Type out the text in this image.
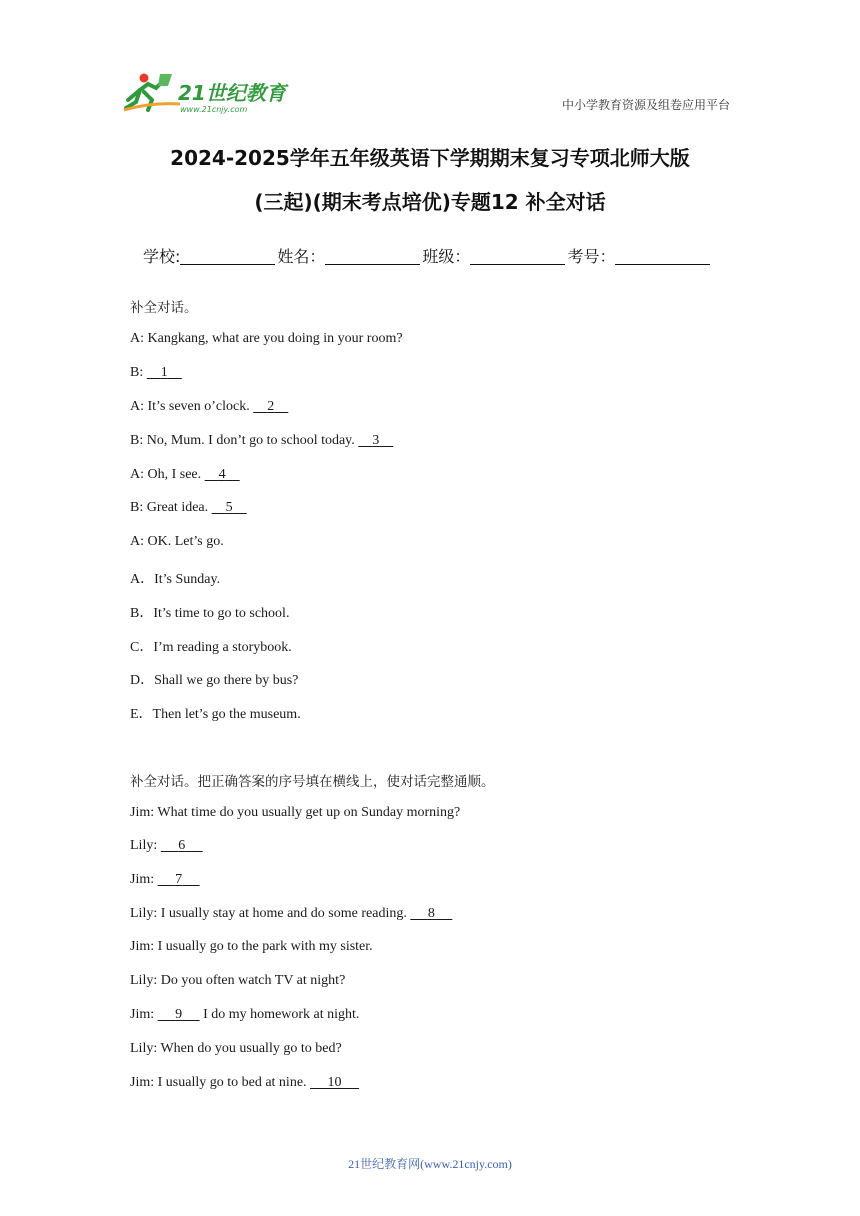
21世纪教育
www.21cnjy.com	中小学教育资源及组卷应用平台
2024-2025学年五年级英语下学期期末复习专项北师大版
(三起)(期末考点培优)专题12 补全对话
学校:	姓名：	班级：	考号：
补全对话。
A: Kangkang, what are you doing in your room?
B:     1
A: It’s seven o’clock.     2
B: No, Mum. I don’t go to school today.     3
A: Oh, I see.     4
B: Great idea.     5
A: OK. Let’s go.
A．It’s Sunday.
B．It’s time to go to school.
C．I’m reading a storybook.
D．Shall we go there by bus?
E．Then let’s go the museum.
补全对话。把正确答案的序号填在横线上，使对话完整通顺。
Jim: What time do you usually get up on Sunday morning?
Lily:      6
Jim:      7
Lily: I usually stay at home and do some reading.      8
Jim: I usually go to the park with my sister.
Lily: Do you often watch TV at night?
Jim:      9      I do my homework at night.
Lily: When do you usually go to bed?
Jim: I usually go to bed at nine.      10
21世纪教育网(www.21cnjy.com)
